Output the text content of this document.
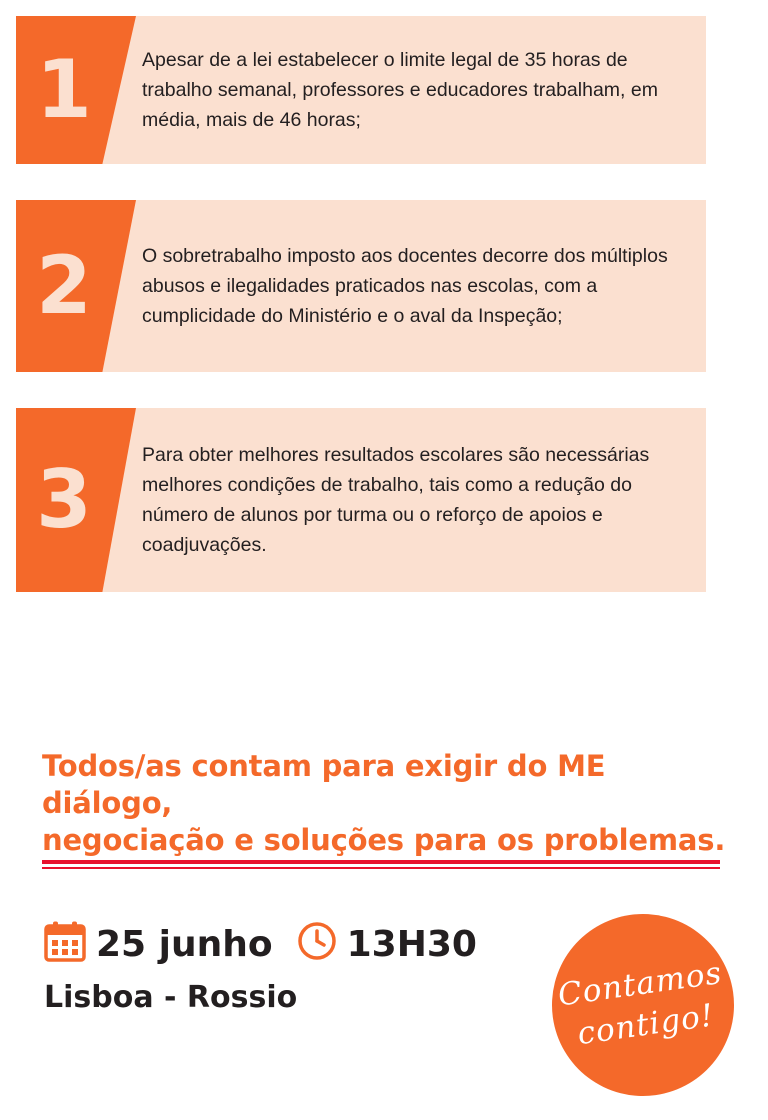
1	Apesar de a lei estabelecer o limite legal de 35 horas de trabalho semanal, professores e educadores trabalham, em média, mais de 46 horas;
2	O sobretrabalho imposto aos docentes decorre dos múltiplos abusos e ilegalidades praticados nas escolas, com a cumplicidade do Ministério e o aval da Inspeção;
3	Para obter melhores resultados escolares são necessárias melhores condições de trabalho, tais como a redução do número de alunos por turma ou o reforço de apoios e coadjuvações.
Todos/as contam para exigir do ME diálogo,
negociação e soluções para os problemas.
25 junho 13H30
Lisboa - Rossio	Contamos
contigo!
